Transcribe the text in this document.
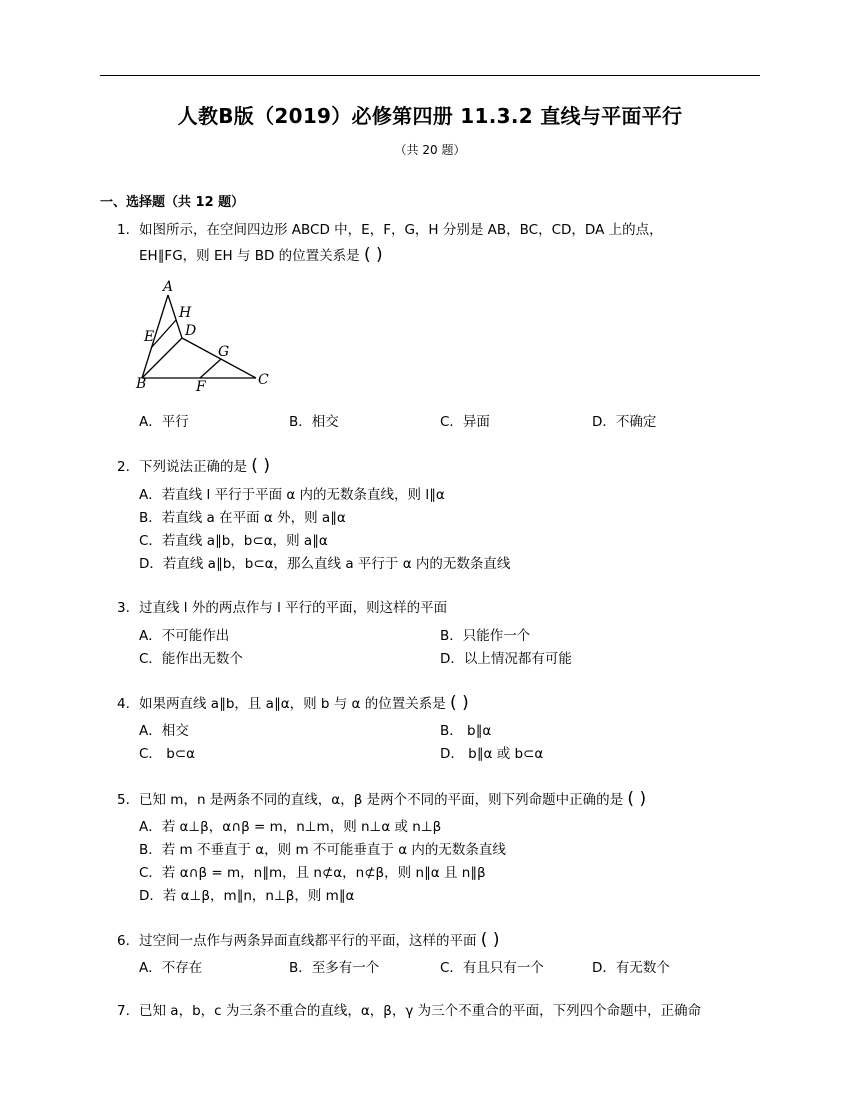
人教B版（2019）必修第四册 11.3.2 直线与平面平行
（共 20 题）
一、选择题（共 12 题）
1. 如图所示，在空间四边形 ABCD 中，E，F，G，H 分别是 AB，BC，CD，DA 上的点，
EH∥FG，则 EH 与 BD 的位置关系是 ( )
A
H
E D
G
B	F	C
A．平行	B．相交	C．异面	D．不确定
2. 下列说法正确的是 ( )
A．若直线 l 平行于平面 α 内的无数条直线，则 l∥α
B．若直线 a 在平面 α 外，则 a∥α
C．若直线 a∥b，b⊂α，则 a∥α
D．若直线 a∥b，b⊂α，那么直线 a 平行于 α 内的无数条直线
3. 过直线 l 外的两点作与 l 平行的平面，则这样的平面
A．不可能作出	B．只能作一个
C．能作出无数个	D．以上情况都有可能
4. 如果两直线 a∥b，且 a∥α，则 b 与 α 的位置关系是 ( )
A．相交	B． b∥α
C． b⊂α	D． b∥α 或 b⊂α
5. 已知 m，n 是两条不同的直线，α，β 是两个不同的平面，则下列命题中正确的是 ( )
A．若 α⊥β，α∩β = m，n⊥m，则 n⊥α 或 n⊥β
B．若 m 不垂直于 α，则 m 不可能垂直于 α 内的无数条直线
C．若 α∩β = m，n∥m，且 n⊄α，n⊄β，则 n∥α 且 n∥β
D．若 α⊥β，m∥n，n⊥β，则 m∥α
6. 过空间一点作与两条异面直线都平行的平面，这样的平面 ( )
A．不存在	B．至多有一个	C．有且只有一个	D．有无数个
7. 已知 a，b，c 为三条不重合的直线，α，β，γ 为三个不重合的平面，下列四个命题中，正确命
